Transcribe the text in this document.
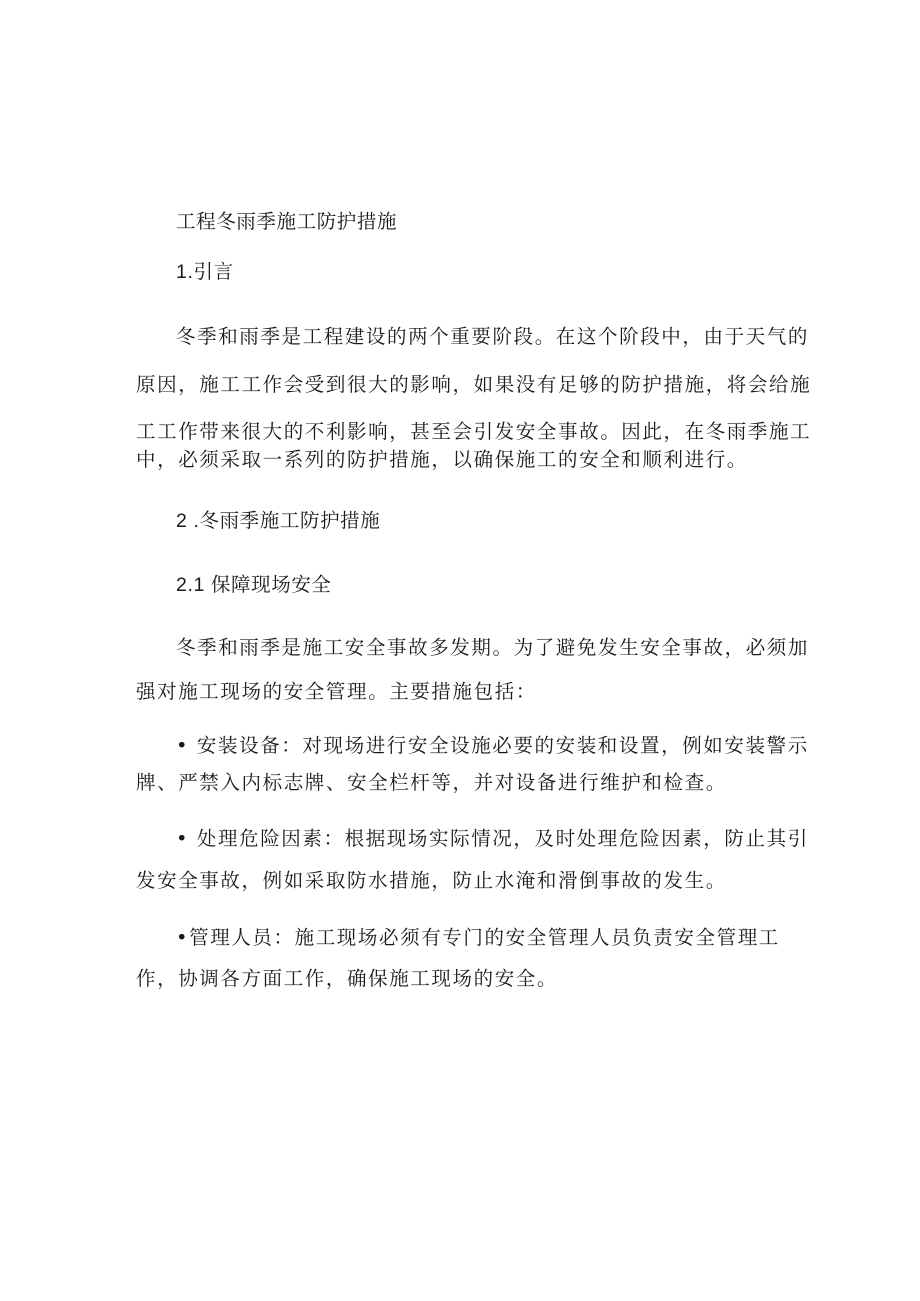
工程冬雨季施工防护措施
1.引言
冬季和雨季是工程建设的两个重要阶段。在这个阶段中，由于天气的
原因，施工工作会受到很大的影响，如果没有足够的防护措施，将会给施
工工作带来很大的不利影响，甚至会引发安全事故。因此，在冬雨季施工
中，必须采取一系列的防护措施，以确保施工的安全和顺利进行。
2 .冬雨季施工防护措施
2.1 保障现场安全
冬季和雨季是施工安全事故多发期。为了避免发生安全事故，必须加
强对施工现场的安全管理。主要措施包括：
• 安装设备：对现场进行安全设施必要的安装和设置，例如安装警示
牌、严禁入内标志牌、安全栏杆等，并对设备进行维护和检查。
• 处理危险因素：根据现场实际情况，及时处理危险因素，防止其引
发安全事故，例如采取防水措施，防止水淹和滑倒事故的发生。
•管理人员：施工现场必须有专门的安全管理人员负责安全管理工
作，协调各方面工作，确保施工现场的安全。
